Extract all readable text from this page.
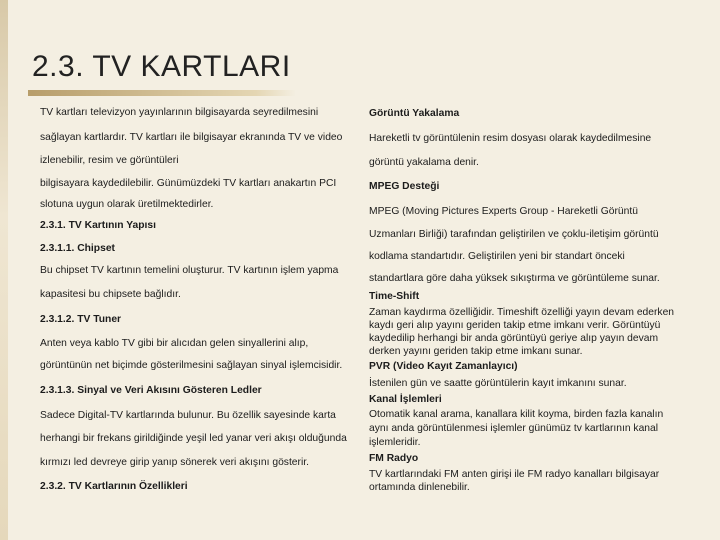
2.3. TV KARTLARI
TV kartları televizyon yayınlarının bilgisayarda seyredilmesini
sağlayan kartlardır. TV kartları ile bilgisayar ekranında TV ve video
izlenebilir, resim ve görüntüleri
bilgisayara kaydedilebilir. Günümüzdeki TV kartları anakartın PCI
slotuna uygun olarak üretilmektedirler.
2.3.1. TV Kartının Yapısı
2.3.1.1. Chipset
Bu chipset TV kartının temelini oluşturur. TV kartının işlem yapma
kapasitesi bu chipsete bağlıdır.
2.3.1.2. TV Tuner
Anten veya kablo TV gibi bir alıcıdan gelen sinyallerini alıp,
görüntünün net biçimde gösterilmesini sağlayan sinyal işlemcisidir.
2.3.1.3. Sinyal ve Veri Akısını Gösteren Ledler
Sadece Digital-TV kartlarında bulunur. Bu özellik sayesinde karta
herhangi bir frekans girildiğinde yeşil led yanar veri akışı olduğunda
kırmızı led devreye girip yanıp sönerek veri akışını gösterir.
2.3.2. TV Kartlarının Özellikleri
Görüntü Yakalama
Hareketli tv görüntülenin resim dosyası olarak kaydedilmesine
görüntü yakalama denir.
MPEG Desteği
MPEG (Moving Pictures Experts Group - Hareketli Görüntü
Uzmanları Birliği) tarafından geliştirilen ve çoklu-iletişim görüntü
kodlama standartıdır. Geliştirilen yeni bir standart önceki
standartlara göre daha yüksek sıkıştırma ve görüntüleme sunar.
Time-Shift
Zaman kaydırma özelliğidir. Timeshift özelliği yayın devam ederken
kaydı geri alıp yayını geriden takip etme imkanı verir. Görüntüyü
kaydedilip herhangi bir anda görüntüyü geriye alıp yayın devam
derken yayını geriden takip etme imkanı sunar.
PVR (Video Kayıt Zamanlayıcı)
İstenilen gün ve saatte görüntülerin kayıt imkanını sunar.
Kanal İşlemleri
Otomatik kanal arama, kanallara kilit koyma, birden fazla kanalın
aynı anda görüntülenmesi işlemler günümüz tv kartlarının kanal
işlemleridir.
FM Radyo
TV kartlarındaki FM anten girişi ile FM radyo kanalları bilgisayar
ortamında dinlenebilir.
